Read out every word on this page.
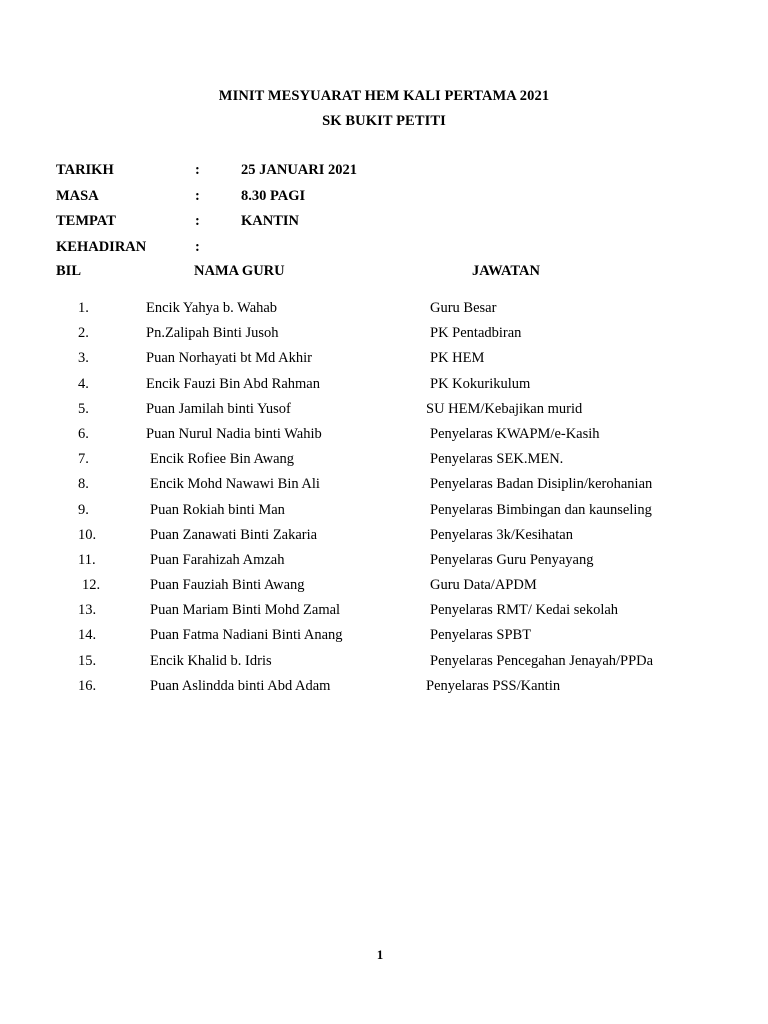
MINIT MESYUARAT HEM KALI PERTAMA 2021
SK BUKIT PETITI
TARIKH	:	25 JANUARI 2021
MASA	:	8.30 PAGI
TEMPAT	:	KANTIN
KEHADIRAN	:
BIL	NAMA GURU	JAWATAN
1.	Encik Yahya b. Wahab	Guru Besar
2.	Pn.Zalipah Binti Jusoh	PK Pentadbiran
3.	Puan Norhayati bt Md Akhir	PK HEM
4.	Encik Fauzi Bin Abd Rahman	PK Kokurikulum
5.	Puan Jamilah binti Yusof	SU HEM/Kebajikan murid
6.	Puan Nurul Nadia binti Wahib	Penyelaras KWAPM/e-Kasih
7.	Encik Rofiee Bin Awang	Penyelaras SEK.MEN.
8.	Encik Mohd Nawawi Bin Ali	Penyelaras Badan Disiplin/kerohanian
9.	Puan Rokiah binti Man	Penyelaras Bimbingan dan kaunseling
10.	Puan Zanawati Binti Zakaria	Penyelaras 3k/Kesihatan
11.	Puan Farahizah Amzah	Penyelaras Guru Penyayang
12.	Puan Fauziah Binti Awang	Guru Data/APDM
13.	Puan Mariam Binti Mohd Zamal	Penyelaras RMT/ Kedai sekolah
14.	Puan Fatma Nadiani Binti Anang	Penyelaras SPBT
15.	Encik Khalid b. Idris	Penyelaras Pencegahan Jenayah/PPDa
16.	Puan Aslindda binti Abd Adam	Penyelaras PSS/Kantin
1
